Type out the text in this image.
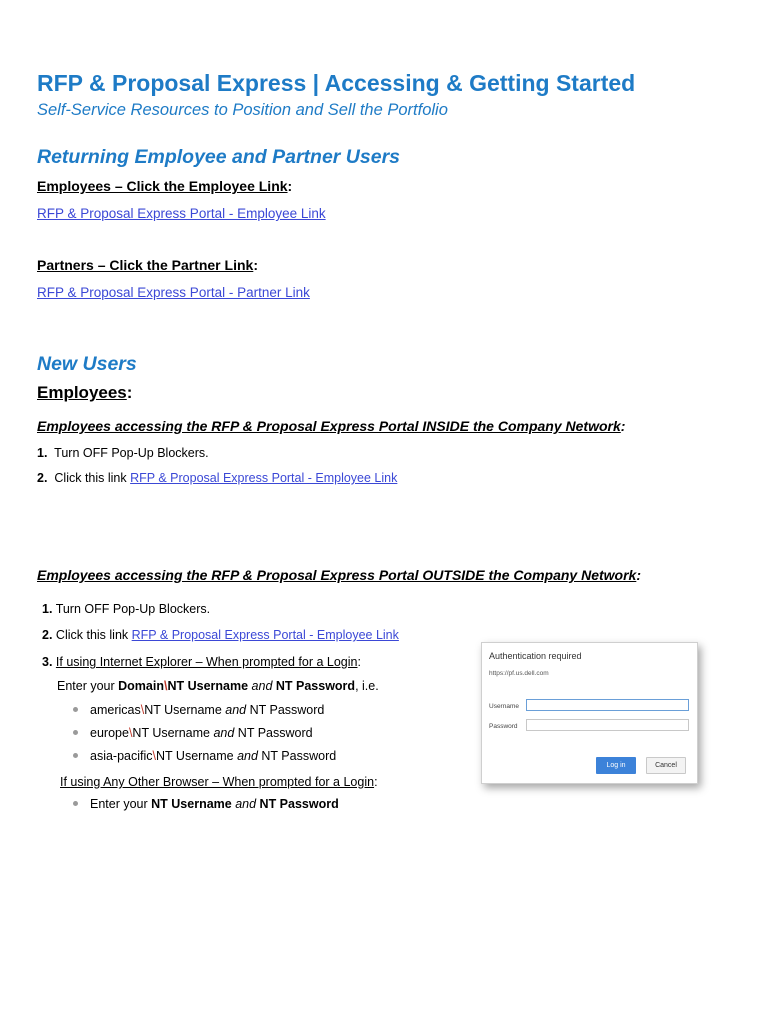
RFP & Proposal Express | Accessing & Getting Started
Self-Service Resources to Position and Sell the Portfolio
Returning Employee and Partner Users
Employees – Click the Employee Link:
RFP & Proposal Express Portal - Employee Link
Partners – Click the Partner Link:
RFP & Proposal Express Portal - Partner Link
New Users
Employees:
Employees accessing the RFP & Proposal Express Portal INSIDE the Company Network:
1. Turn OFF Pop-Up Blockers.
2. Click this link RFP & Proposal Express Portal - Employee Link
Employees accessing the RFP & Proposal Express Portal OUTSIDE the Company Network:
1. Turn OFF Pop-Up Blockers.
2. Click this link RFP & Proposal Express Portal - Employee Link
3. If using Internet Explorer – When prompted for a Login:
Enter your Domain\NT Username and NT Password, i.e.
americas\NT Username and NT Password
europe\NT Username and NT Password
asia-pacific\NT Username and NT Password
If using Any Other Browser – When prompted for a Login:
Enter your NT Username and NT Password
Authentication required
https://pf.us.dell.com
Username
Password
Log in	Cancel
